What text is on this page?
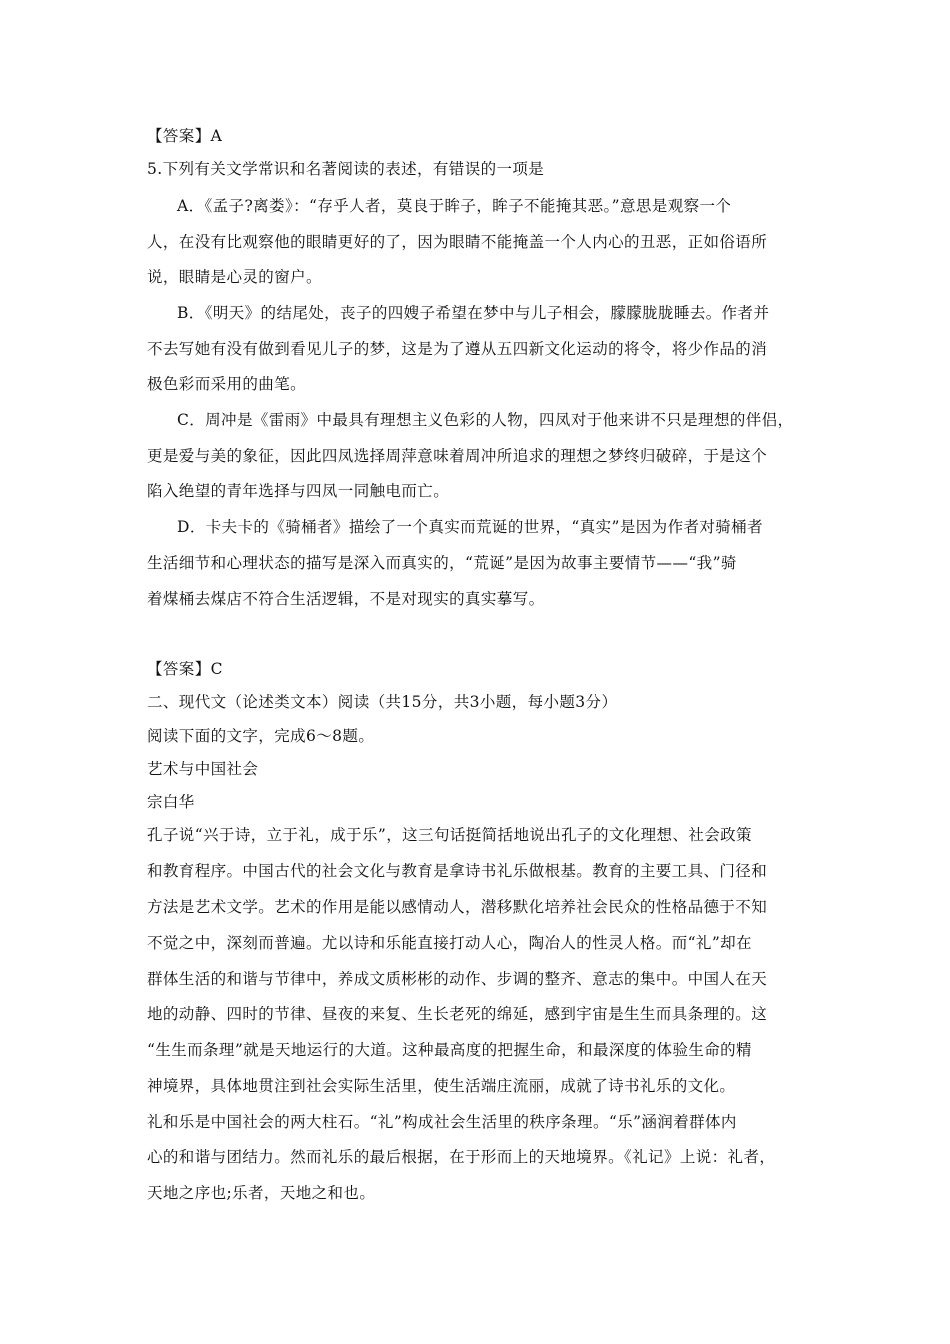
【答案】A
5.下列有关文学常识和名著阅读的表述，有错误的一项是
A．《孟子?离娄》：“存乎人者，莫良于眸子，眸子不能掩其恶。”意思是观察一个
人，在没有比观察他的眼睛更好的了，因为眼睛不能掩盖一个人内心的丑恶，正如俗语所
说，眼睛是心灵的窗户。
B．《明天》的结尾处，丧子的四嫂子希望在梦中与儿子相会，朦朦胧胧睡去。作者并
不去写她有没有做到看见儿子的梦，这是为了遵从五四新文化运动的将令，将少作品的消
极色彩而采用的曲笔。
C．周冲是《雷雨》中最具有理想主义色彩的人物，四凤对于他来讲不只是理想的伴侣，
更是爱与美的象征，因此四凤选择周萍意味着周冲所追求的理想之梦终归破碎，于是这个
陷入绝望的青年选择与四凤一同触电而亡。
D．卡夫卡的《骑桶者》描绘了一个真实而荒诞的世界，“真实”是因为作者对骑桶者
生活细节和心理状态的描写是深入而真实的，“荒诞”是因为故事主要情节——“我”骑
着煤桶去煤店不符合生活逻辑，不是对现实的真实摹写。
【答案】C
二、现代文（论述类文本）阅读（共15分，共3小题，每小题3分）
阅读下面的文字，完成6～8题。
艺术与中国社会
宗白华
孔子说“兴于诗，立于礼，成于乐”，这三句话挺简括地说出孔子的文化理想、社会政策
和教育程序。中国古代的社会文化与教育是拿诗书礼乐做根基。教育的主要工具、门径和
方法是艺术文学。艺术的作用是能以感情动人，潜移默化培养社会民众的性格品德于不知
不觉之中，深刻而普遍。尤以诗和乐能直接打动人心，陶冶人的性灵人格。而“礼”却在
群体生活的和谐与节律中，养成文质彬彬的动作、步调的整齐、意志的集中。中国人在天
地的动静、四时的节律、昼夜的来复、生长老死的绵延，感到宇宙是生生而具条理的。这
“生生而条理”就是天地运行的大道。这种最高度的把握生命，和最深度的体验生命的精
神境界，具体地贯注到社会实际生活里，使生活端庄流丽，成就了诗书礼乐的文化。
礼和乐是中国社会的两大柱石。“礼”构成社会生活里的秩序条理。“乐”涵润着群体内
心的和谐与团结力。然而礼乐的最后根据，在于形而上的天地境界。《礼记》上说：礼者，
天地之序也;乐者，天地之和也。
